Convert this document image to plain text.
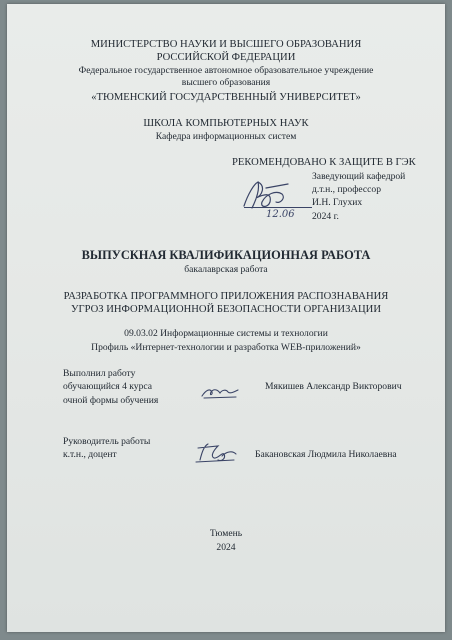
МИНИСТЕРСТВО НАУКИ И ВЫСШЕГО ОБРАЗОВАНИЯ
РОССИЙСКОЙ ФЕДЕРАЦИИ
Федеральное государственное автономное образовательное учреждение
высшего образования
«ТЮМЕНСКИЙ ГОСУДАРСТВЕННЫЙ УНИВЕРСИТЕТ»
ШКОЛА КОМПЬЮТЕРНЫХ НАУК
Кафедра информационных систем
РЕКОМЕНДОВАНО К ЗАЩИТЕ В ГЭК
Заведующий кафедрой
д.т.н., профессор
И.Н. Глухих
2024 г.
12.06
ВЫПУСКНАЯ КВАЛИФИКАЦИОННАЯ РАБОТА
бакалаврская работа
РАЗРАБОТКА ПРОГРАММНОГО ПРИЛОЖЕНИЯ РАСПОЗНАВАНИЯ
УГРОЗ ИНФОРМАЦИОННОЙ БЕЗОПАСНОСТИ ОРГАНИЗАЦИИ
09.03.02 Информационные системы и технологии
Профиль «Интернет-технологии и разработка WEB-приложений»
Выполнил работу
обучающийся 4 курса
очной формы обучения
Мякишев Александр Викторович
Руководитель работы
к.т.н., доцент	Бакановская Людмила Николаевна
Тюмень
2024
